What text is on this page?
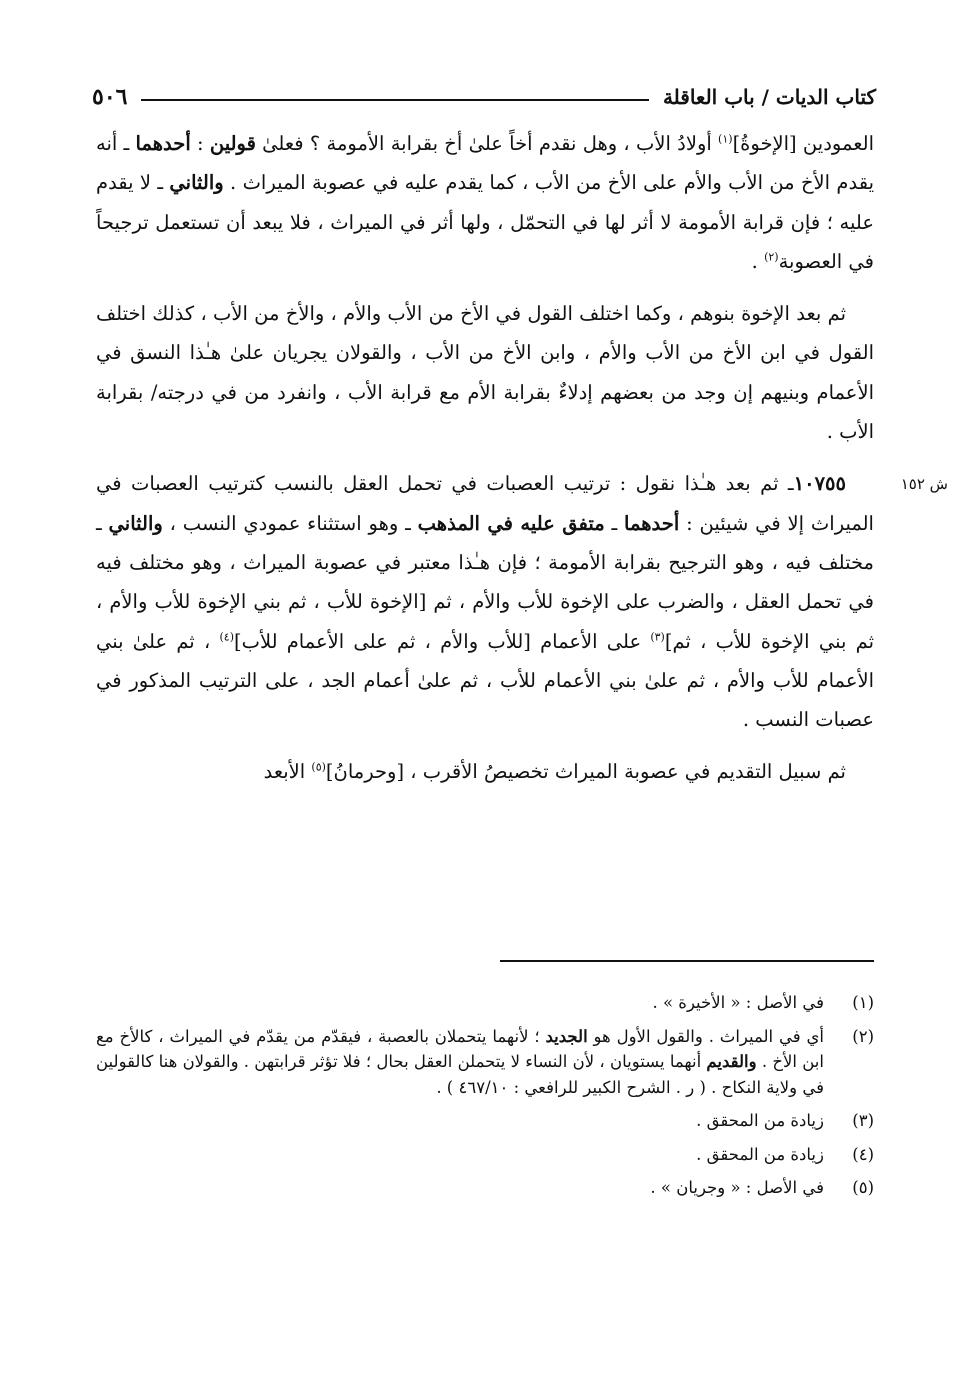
كتاب الديات / باب العاقلة
٥٠٦
ش ١٥٢

العمودين [الإخوةُ]$^{(١)}$ أولادُ الأب ، وهل نقدم أخاً علىٰ أخ بقرابة الأمومة ؟ فعلىٰ قولين : أحدهما ـ أنه يقدم الأخ من الأب والأم على الأخ من الأب ، كما يقدم عليه في عصوبة الميراث . والثاني ـ لا يقدم عليه ؛ فإن قرابة الأمومة لا أثر لها في التحمّل ، ولها أثر في الميراث ، فلا يبعد أن تستعمل ترجيحاً في العصوبة$^{(٢)}$ .

ثم بعد الإخوة بنوهم ، وكما اختلف القول في الأخ من الأب والأم ، والأخ من الأب ، كذلك اختلف القول في ابن الأخ من الأب والأم ، وابن الأخ من الأب ، والقولان يجريان علىٰ هـٰذا النسق في الأعمام وبنيهم إن وجد من بعضهم إدلاءٌ بقرابة الأم مع قرابة الأب ، وانفرد من في درجته/ بقرابة الأب .

١٠٧٥٥ـ ثم بعد هـٰذا نقول : ترتيب العصبات في تحمل العقل بالنسب كترتيب العصبات في الميراث إلا في شيئين : أحدهما ـ متفق عليه في المذهب ـ وهو استثناء عمودي النسب ، والثاني ـ مختلف فيه ، وهو الترجيح بقرابة الأمومة ؛ فإن هـٰذا معتبر في عصوبة الميراث ، وهو مختلف فيه في تحمل العقل ، والضرب على الإخوة للأب والأم ، ثم [الإخوة للأب ، ثم بني الإخوة للأب والأم ، ثم بني الإخوة للأب ، ثم]$^{(٣)}$ على الأعمام [للأب والأم ، ثم على الأعمام للأب]$^{(٤)}$ ، ثم علىٰ بني الأعمام للأب والأم ، ثم علىٰ بني الأعمام للأب ، ثم علىٰ أعمام الجد ، على الترتيب المذكور في عصبات النسب .

ثم سبيل التقديم في عصوبة الميراث تخصيصُ الأقرب ، [وحرمانُ]$^{(٥)}$ الأبعد

(١)
في الأصل : « الأخيرة » .
(٢)
أي في الميراث . والقول الأول هو الجديد ؛ لأنهما يتحملان بالعصبة ، فيقدّم من يقدّم في الميراث ، كالأخ مع ابن الأخ . والقديم أنهما يستويان ، لأن النساء لا يتحملن العقل بحال ؛ فلا تؤثر قرابتهن . والقولان هنا كالقولين في ولاية النكاح . ( ر . الشرح الكبير للرافعي : ٤٦٧/١٠ ) .
(٣)
زيادة من المحقق .
(٤)
زيادة من المحقق .
(٥)
في الأصل : « وجريان » .
